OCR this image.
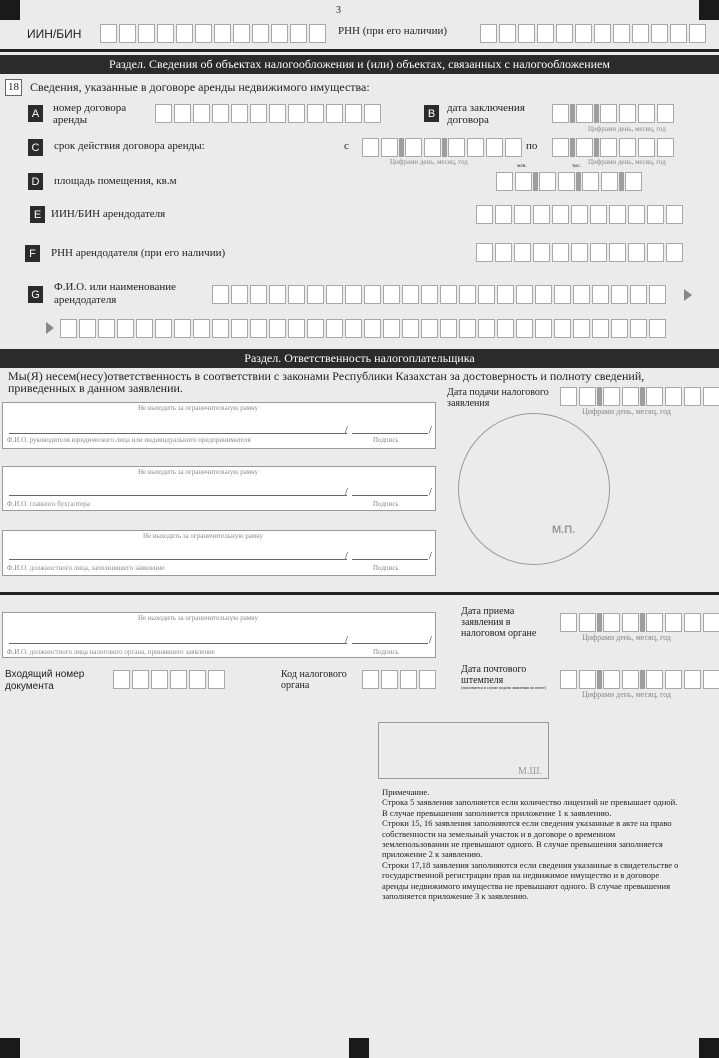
3
ИИН/БИН	РНН (при его наличии)
Раздел. Сведения об объектах налогообложения и (или) объектах, связанных с налогообложением
18 Сведения, указанные в договоре аренды недвижимого имущества:
A	номер договора аренды
B	дата заключения договора
Цифрами день, месяц, год
C	срок действия договора аренды:	с
Цифрами день, месяц, год
по
Цифрами день, месяц, год
D	площадь помещения, кв.м
млн.	тыс.
E ИИН/БИН арендодателя
F	РНН арендодателя (при его наличии)
G
Ф.И.О. или наименование арендодателя
Раздел. Ответственность налогоплательщика
Мы(Я) несем(несу)ответственность в соответствии с законами Республики Казахстан за достоверность и полноту сведений, приведенных в данном заявлении.
Не выходить за ограничительную рамку
/	/
Ф.И.О. руководителя юридического лица или индивидуального предпринимателя	Подпись
Не выходить за ограничительную рамку
/	/
Ф.И.О. главного бухгалтера	Подпись
Не выходить за ограничительную рамку
/	/
Ф.И.О. должностного лица, заполнившего заявление	Подпись
Дата подачи налогового заявления
Цифрами день, месяц, год
М.П.
Не выходить за ограничительную рамку
/	/
Ф.И.О. должностного лица налогового органа, принявшего заявление	Подпись
Дата приема заявления в налоговом органе	Цифрами день, месяц, год
Входящий номер документа
Код налогового органа
Дата почтового штемпеля
(заполняется в случае подачи заявления по почте)
Цифрами день, месяц, год
М.Ш.
Примечание.
Строка 5 заявления заполняется если количество лицензий не превышает одной. В случае превышения заполняется приложение 1 к заявлению.
Строки 15, 16 заявления заполняются если сведения указанные в акте на право собственности на земельный участок и в договоре о временном землепользовании не превышают одного. В случае превышения заполняется приложение 2 к заявлению.
Строки 17,18 заявления заполняются если сведения указанные в свидетельстве о государственной регистрации прав на недвижимое имущество и в договоре аренды недвижимого имущества не превышают одного. В случае превышения заполняется приложение 3 к заявлению.
